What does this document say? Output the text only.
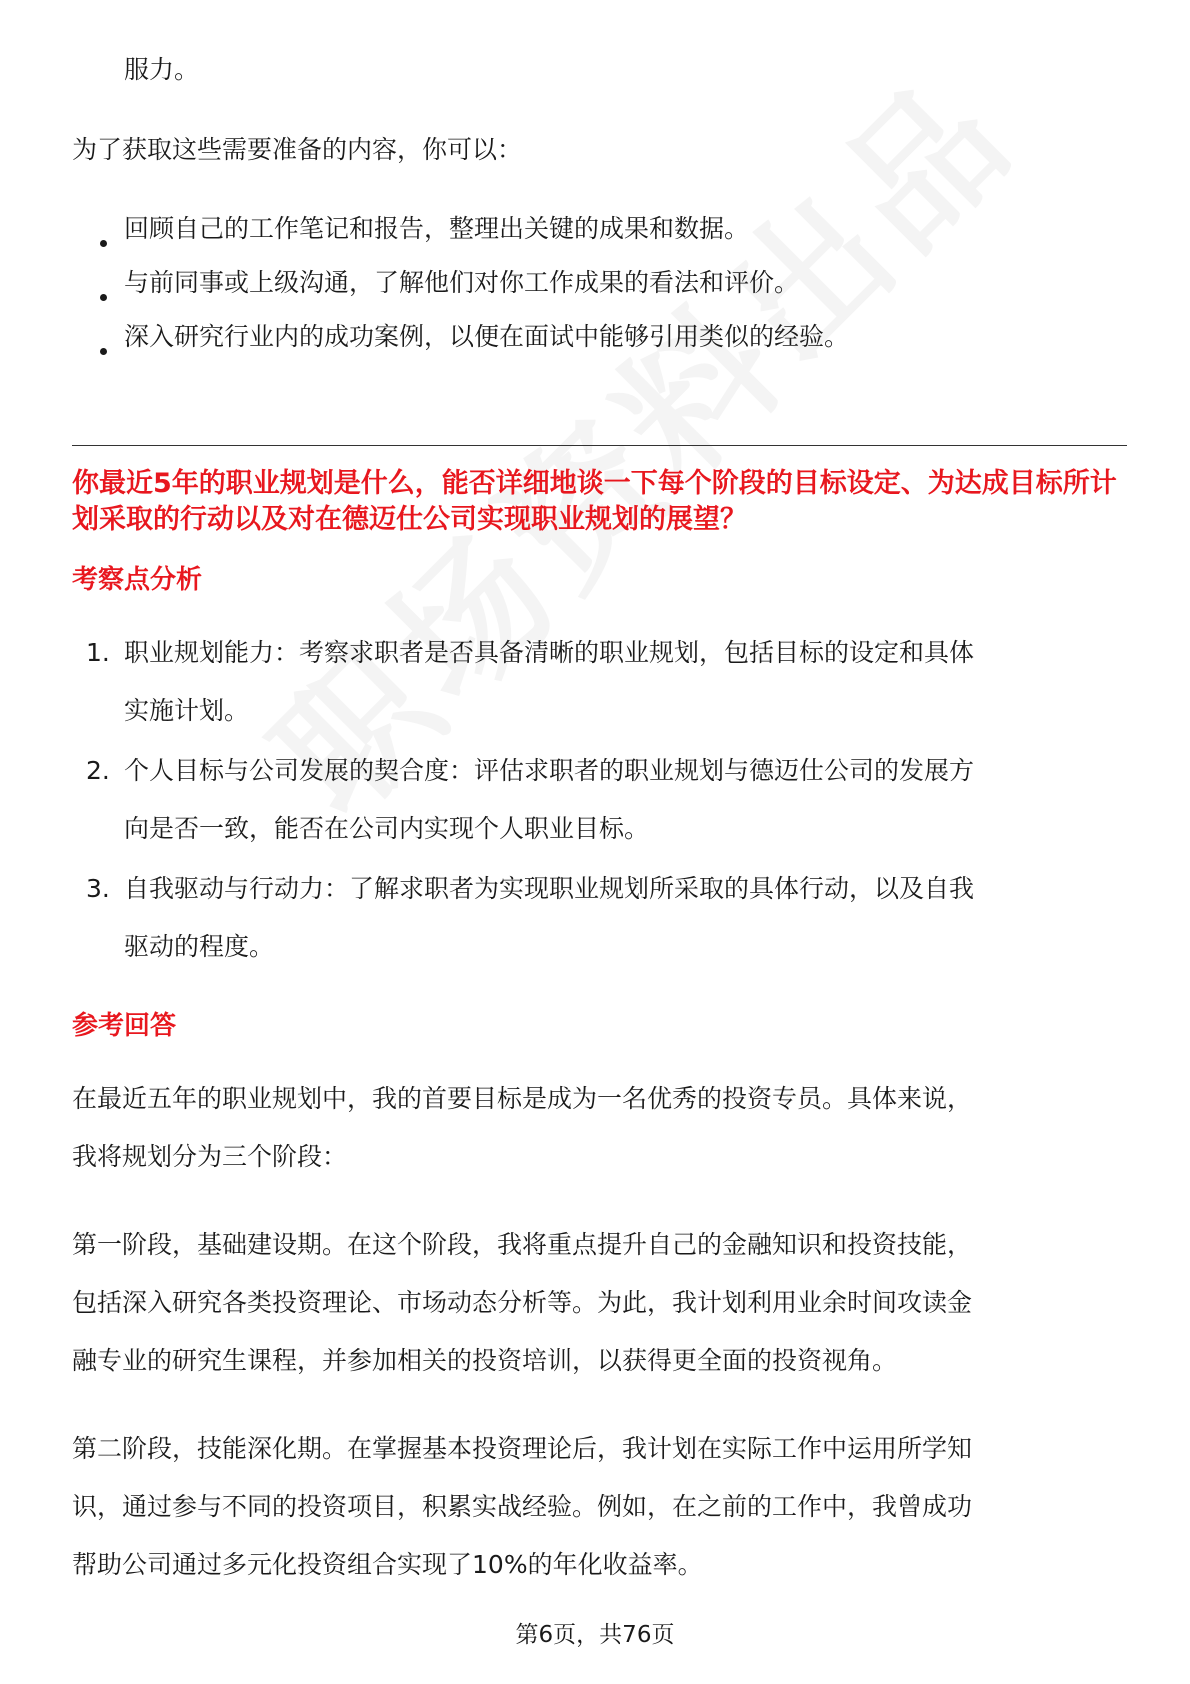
服力。
为了获取这些需要准备的内容，你可以：
回顾自己的工作笔记和报告，整理出关键的成果和数据。
与前同事或上级沟通，了解他们对你工作成果的看法和评价。
深入研究行业内的成功案例，以便在面试中能够引用类似的经验。
你最近5年的职业规划是什么，能否详细地谈一下每个阶段的目标设定、为达成目标所计划采取的行动以及对在德迈仕公司实现职业规划的展望？
考察点分析
1. 职业规划能力：考察求职者是否具备清晰的职业规划，包括目标的设定和具体
实施计划。
2. 个人目标与公司发展的契合度：评估求职者的职业规划与德迈仕公司的发展方
向是否一致，能否在公司内实现个人职业目标。
3. 自我驱动与行动力：了解求职者为实现职业规划所采取的具体行动，以及自我
驱动的程度。
参考回答
在最近五年的职业规划中，我的首要目标是成为一名优秀的投资专员。具体来说，
我将规划分为三个阶段：
第一阶段，基础建设期。在这个阶段，我将重点提升自己的金融知识和投资技能，
包括深入研究各类投资理论、市场动态分析等。为此，我计划利用业余时间攻读金
融专业的研究生课程，并参加相关的投资培训，以获得更全面的投资视角。
第二阶段，技能深化期。在掌握基本投资理论后，我计划在实际工作中运用所学知
识，通过参与不同的投资项目，积累实战经验。例如，在之前的工作中，我曾成功
帮助公司通过多元化投资组合实现了10%的年化收益率。
第6页，共76页
